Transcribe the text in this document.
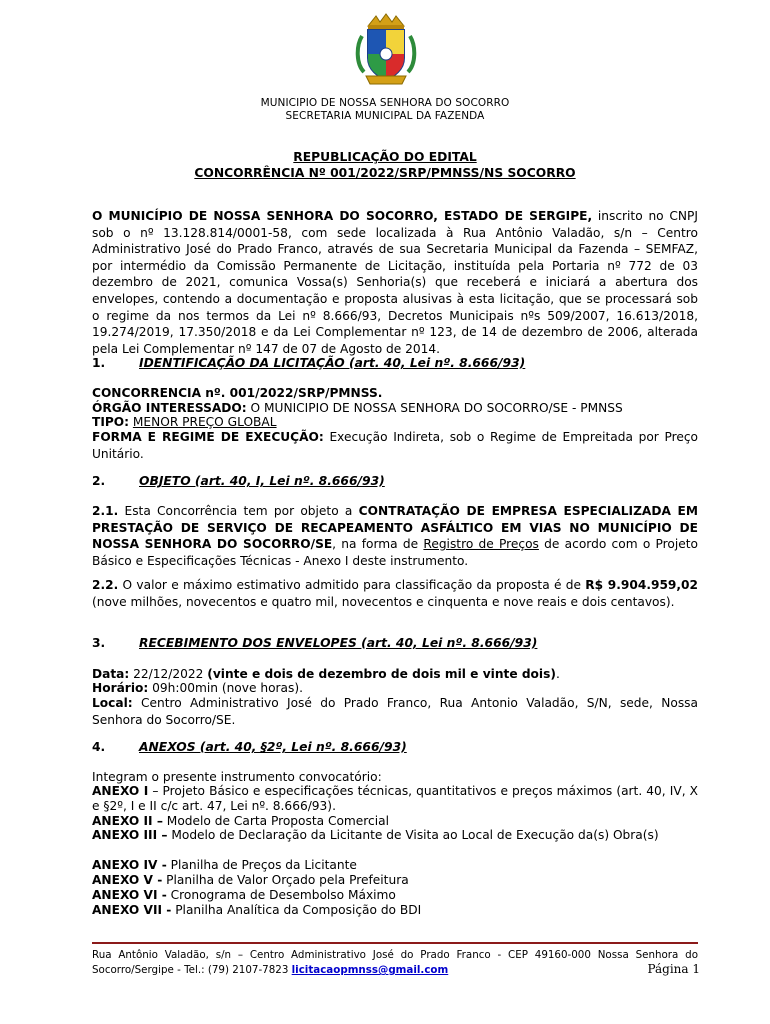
MUNICIPIO DE NOSSA SENHORA DO SOCORRO
SECRETARIA MUNICIPAL DA FAZENDA
REPUBLICAÇÃO DO EDITAL
CONCORRÊNCIA Nº 001/2022/SRP/PMNSS/NS SOCORRO
O MUNICÍPIO DE NOSSA SENHORA DO SOCORRO, ESTADO DE SERGIPE, inscrito no CNPJ sob o nº 13.128.814/0001-58, com sede localizada à Rua Antônio Valadão, s/n – Centro Administrativo José do Prado Franco, através de sua Secretaria Municipal da Fazenda – SEMFAZ, por intermédio da Comissão Permanente de Licitação, instituída pela Portaria nº 772 de 03 dezembro de 2021, comunica Vossa(s) Senhoria(s) que receberá e iniciará a abertura dos envelopes, contendo a documentação e proposta alusivas à esta licitação, que se processará sob o regime da nos termos da Lei nº 8.666/93, Decretos Municipais nºs 509/2007, 16.613/2018, 19.274/2019, 17.350/2018 e da Lei Complementar nº 123, de 14 de dezembro de 2006, alterada pela Lei Complementar nº 147 de 07 de Agosto de 2014.
1.	IDENTIFICAÇÃO DA LICITAÇÃO (art. 40, Lei nº. 8.666/93)
CONCORRENCIA nº. 001/2022/SRP/PMNSS.
ÓRGÃO INTERESSADO: O MUNICIPIO DE NOSSA SENHORA DO SOCORRO/SE - PMNSS
TIPO: MENOR PREÇO GLOBAL
FORMA E REGIME DE EXECUÇÃO: Execução Indireta, sob o Regime de Empreitada por Preço Unitário.
2.	OBJETO (art. 40, I, Lei nº. 8.666/93)
2.1. Esta Concorrência tem por objeto a CONTRATAÇÃO DE EMPRESA ESPECIALIZADA EM PRESTAÇÃO DE SERVIÇO DE RECAPEAMENTO ASFÁLTICO EM VIAS NO MUNICÍPIO DE NOSSA SENHORA DO SOCORRO/SE, na forma de Registro de Preços de acordo com o Projeto Básico e Especificações Técnicas - Anexo I deste instrumento.
2.2. O valor e máximo estimativo admitido para classificação da proposta é de R$ 9.904.959,02 (nove milhões, novecentos e quatro mil, novecentos e cinquenta e nove reais e dois centavos).
3.	RECEBIMENTO DOS ENVELOPES (art. 40, Lei nº. 8.666/93)
Data: 22/12/2022 (vinte e dois de dezembro de dois mil e vinte dois).
Horário: 09h:00min (nove horas).
Local: Centro Administrativo José do Prado Franco, Rua Antonio Valadão, S/N, sede, Nossa Senhora do Socorro/SE.
4.	ANEXOS (art. 40, §2º, Lei nº. 8.666/93)
Integram o presente instrumento convocatório:
ANEXO I – Projeto Básico e especificações técnicas, quantitativos e preços máximos (art. 40, IV, X e §2º, I e II c/c art. 47, Lei nº. 8.666/93).
ANEXO II – Modelo de Carta Proposta Comercial
ANEXO III – Modelo de Declaração da Licitante de Visita ao Local de Execução da(s) Obra(s)
ANEXO IV - Planilha de Preços da Licitante
ANEXO V - Planilha de Valor Orçado pela Prefeitura
ANEXO VI - Cronograma de Desembolso Máximo
ANEXO VII - Planilha Analítica da Composição do BDI
Rua Antônio Valadão, s/n – Centro Administrativo José do Prado Franco - CEP 49160-000 Nossa Senhora do Socorro/Sergipe - Tel.: (79) 2107-7823 licitacaopmnss@gmail.com	Página 1
